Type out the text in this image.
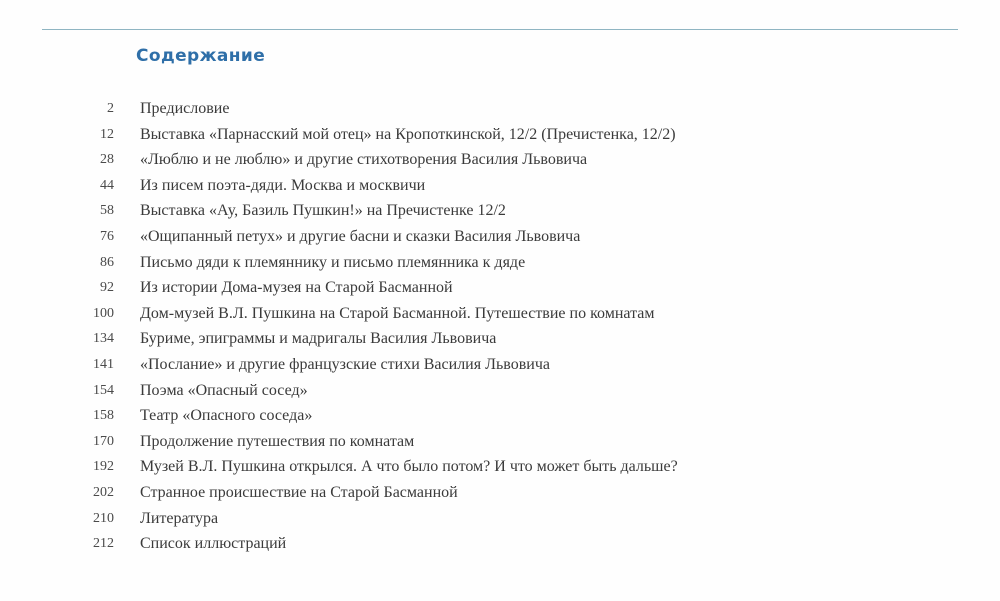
Содержание
2 Предисловие
12 Выставка «Парнасский мой отец» на Кропоткинской, 12/2 (Пречистенка, 12/2)
28 «Люблю и не люблю» и другие стихотворения Василия Львовича
44 Из писем поэта-дяди. Москва и москвичи
58 Выставка «Ау, Базиль Пушкин!» на Пречистенке 12/2
76 «Ощипанный петух» и другие басни и сказки Василия Львовича
86 Письмо дяди к племяннику и письмо племянника к дяде
92 Из истории Дома-музея на Старой Басманной
100 Дом-музей В.Л. Пушкина на Старой Басманной. Путешествие по комнатам
134 Буриме, эпиграммы и мадригалы Василия Львовича
141 «Послание» и другие французские стихи Василия Львовича
154 Поэма «Опасный сосед»
158 Театр «Опасного соседа»
170 Продолжение путешествия по комнатам
192 Музей В.Л. Пушкина открылся. А что было потом? И что может быть дальше?
202 Странное происшествие на Старой Басманной
210 Литература
212 Список иллюстраций
